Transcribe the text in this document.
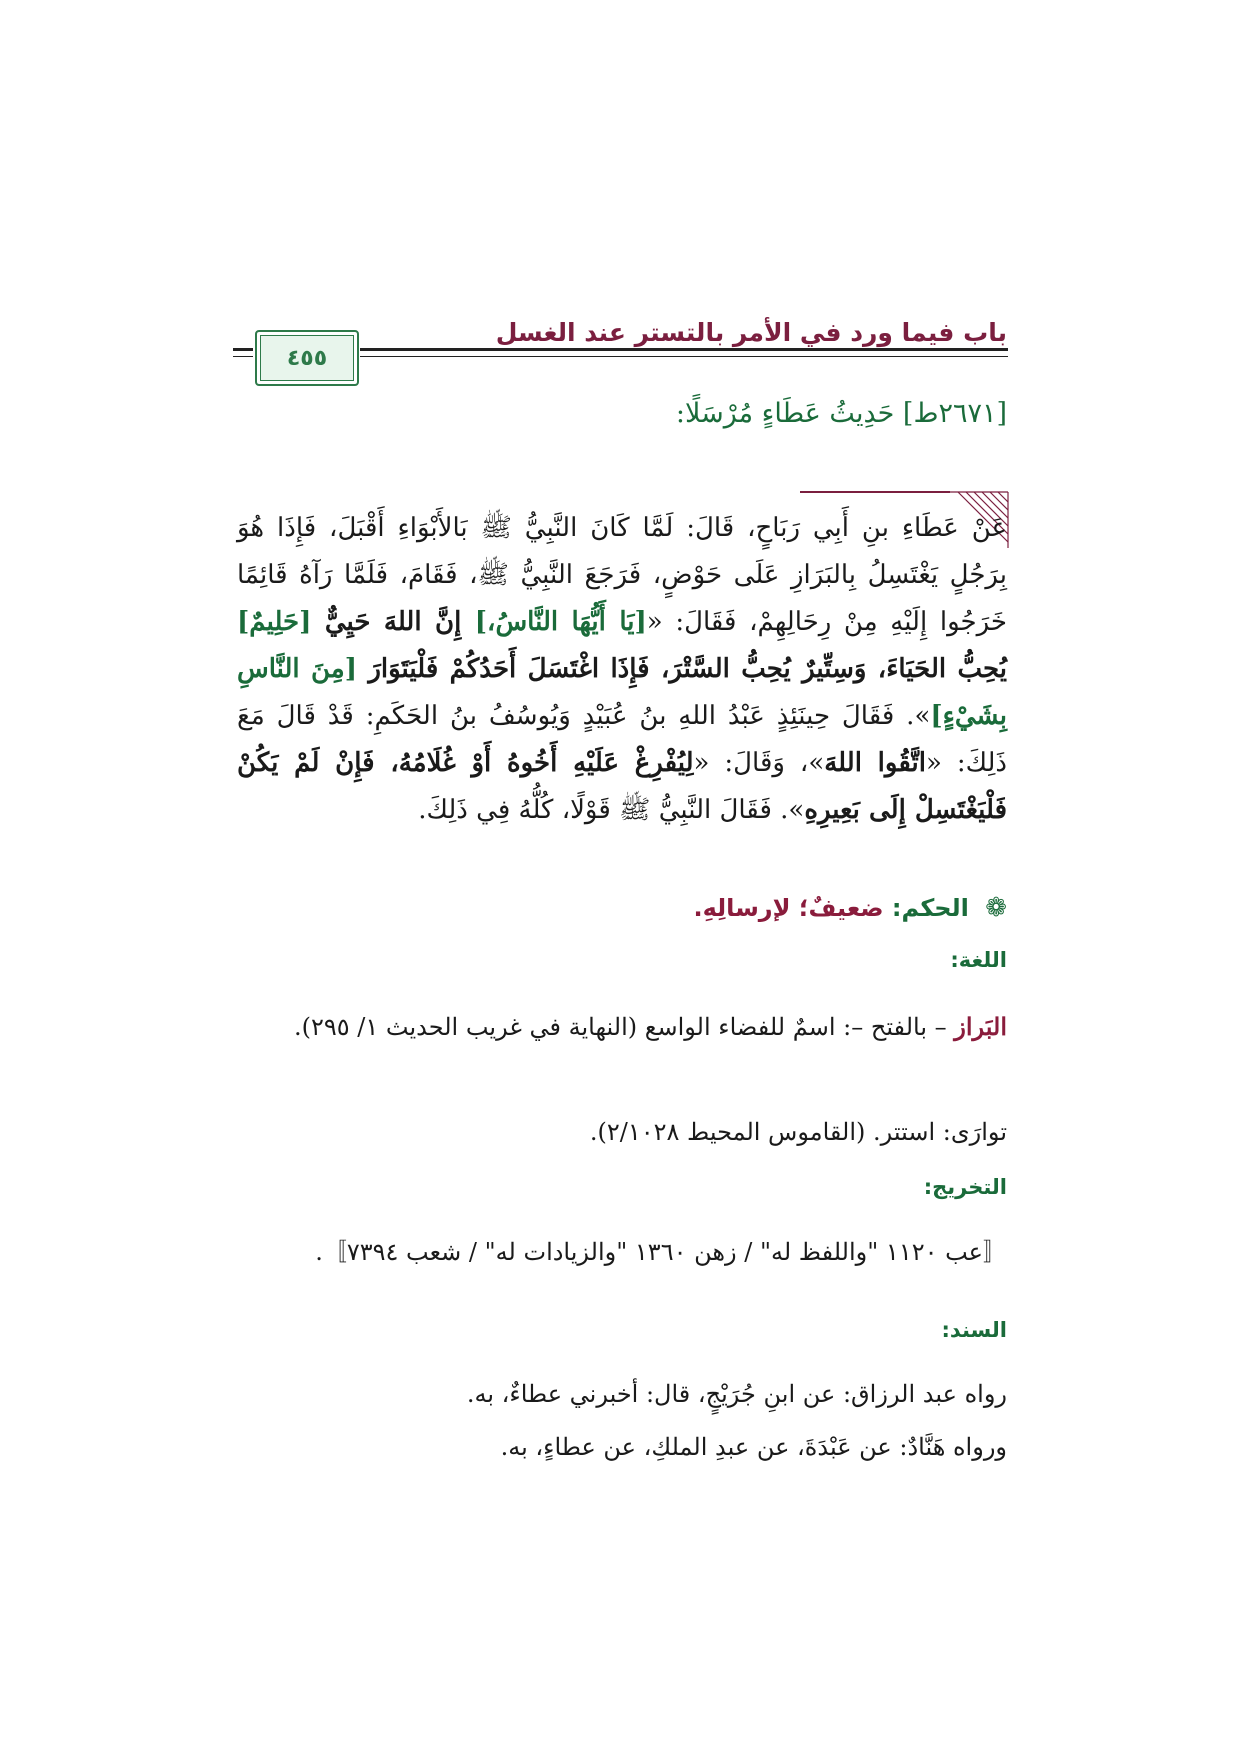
باب فيما ورد في الأمر بالتستر عند الغسل
٤٥٥
[٢٦٧١ط] حَدِيثُ عَطَاءٍ مُرْسَلًا:
عَنْ عَطَاءِ بنِ أَبِي رَبَاحٍ، قَالَ: لَمَّا كَانَ النَّبِيُّ ﷺ بَالأَبْوَاءِ أَقْبَلَ، فَإِذَا هُوَ بِرَجُلٍ يَغْتَسِلُ بِالبَرَازِ عَلَى حَوْضٍ، فَرَجَعَ النَّبِيُّ ﷺ، فَقَامَ، فَلَمَّا رَآهُ قَائِمًا خَرَجُوا إِلَيْهِ مِنْ رِحَالِهِمْ، فَقَالَ: «[يَا أَيُّهَا النَّاسُ،] إِنَّ اللهَ حَيِيٌّ [حَلِيمٌ] يُحِبُّ الحَيَاءَ، وَسِتِّيرٌ يُحِبُّ السَّتْرَ، فَإِذَا اغْتَسَلَ أَحَدُكُمْ فَلْيَتَوَارَ [مِنَ النَّاسِ بِشَيْءٍ]». فَقَالَ حِينَئِذٍ عَبْدُ اللهِ بنُ عُبَيْدٍ وَيُوسُفُ بنُ الحَكَمِ: قَدْ قَالَ مَعَ ذَلِكَ: «اتَّقُوا اللهَ»، وَقَالَ: «لِيُفْرِغْ عَلَيْهِ أَخُوهُ أَوْ غُلَامُهُ، فَإِنْ لَمْ يَكُنْ فَلْيَغْتَسِلْ إِلَى بَعِيرِهِ». فَقَالَ النَّبِيُّ ﷺ قَوْلًا، كُلُّهُ فِي ذَلِكَ.
❁ الحكم: ضعيفٌ؛ لإرسالِهِ.
اللغة:
البَراز – بالفتح –: اسمٌ للفضاء الواسع (النهاية في غريب الحديث ١/ ٢٩٥).
توارَى: استتر. (القاموس المحيط ٢/١٠٢٨).
التخريج:
〚عب ١١٢٠ "واللفظ له" / زهن ١٣٦٠ "والزيادات له" / شعب ٧٣٩٤〛.
السند:
رواه عبد الرزاق: عن ابنِ جُرَيْجٍ، قال: أخبرني عطاءٌ، به.
ورواه هَنَّادٌ: عن عَبْدَةَ، عن عبدِ الملكِ، عن عطاءٍ، به.
